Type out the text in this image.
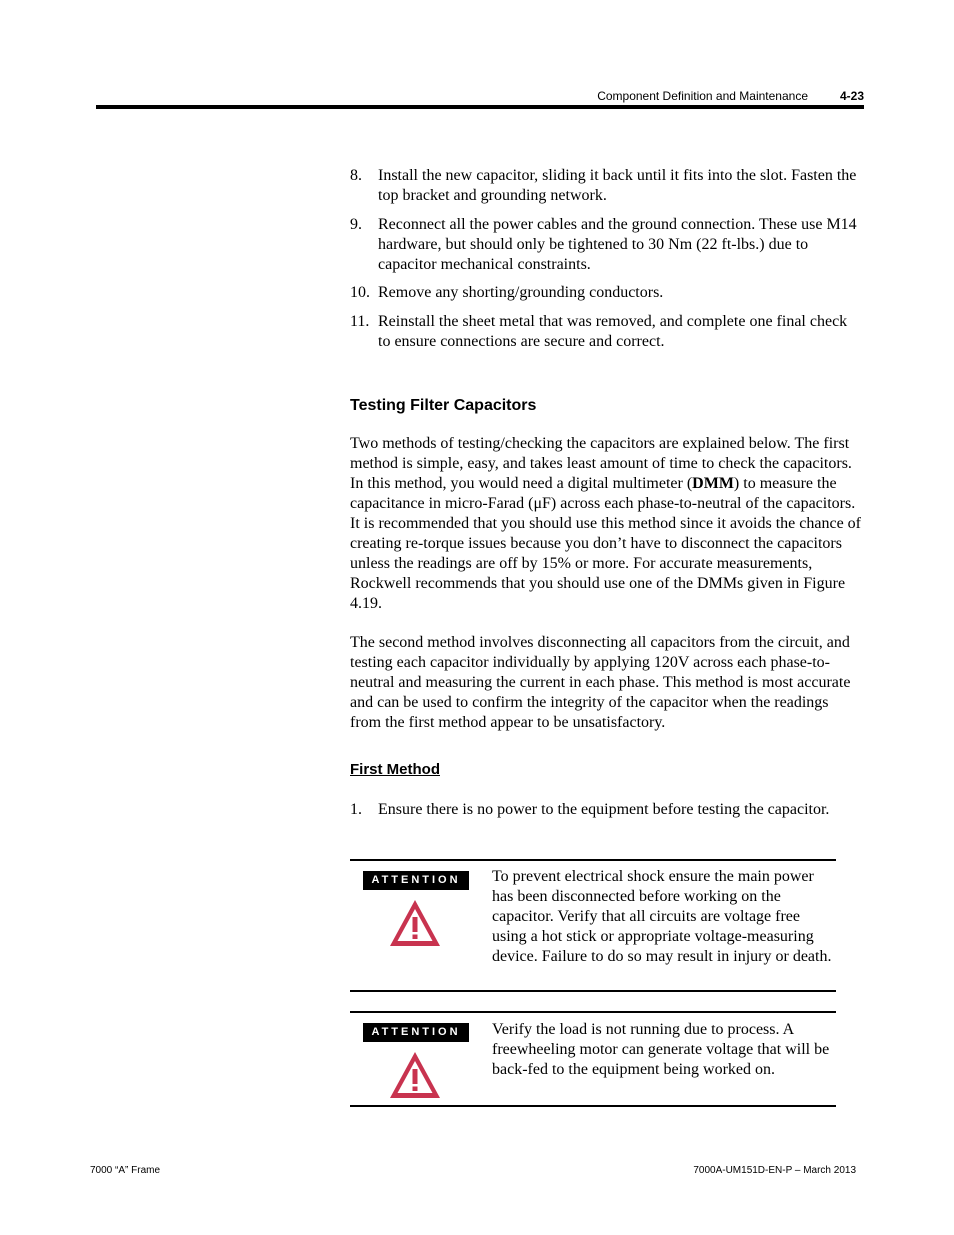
Component Definition and Maintenance	4-23
8. Install the new capacitor, sliding it back until it fits into the slot. Fasten the top bracket and grounding network.
9. Reconnect all the power cables and the ground connection. These use M14 hardware, but should only be tightened to 30 Nm (22 ft-lbs.) due to capacitor mechanical constraints.
10. Remove any shorting/grounding conductors.
11. Reinstall the sheet metal that was removed, and complete one final check to ensure connections are secure and correct.
Testing Filter Capacitors
Two methods of testing/checking the capacitors are explained below. The first method is simple, easy, and takes least amount of time to check the capacitors. In this method, you would need a digital multimeter (DMM) to measure the capacitance in micro-Farad (μF) across each phase-to-neutral of the capacitors. It is recommended that you should use this method since it avoids the chance of creating re-torque issues because you don’t have to disconnect the capacitors unless the readings are off by 15% or more. For accurate measurements, Rockwell recommends that you should use one of the DMMs given in Figure 4.19.
The second method involves disconnecting all capacitors from the circuit, and testing each capacitor individually by applying 120V across each phase-to-neutral and measuring the current in each phase. This method is most accurate and can be used to confirm the integrity of the capacitor when the readings from the first method appear to be unsatisfactory.
First Method
1. Ensure there is no power to the equipment before testing the capacitor.
ATTENTION	To prevent electrical shock ensure the main power has been disconnected before working on the capacitor. Verify that all circuits are voltage free using a hot stick or appropriate voltage-measuring device. Failure to do so may result in injury or death.
ATTENTION	Verify the load is not running due to process. A freewheeling motor can generate voltage that will be back-fed to the equipment being worked on.
7000 “A” Frame	7000A-UM151D-EN-P – March 2013
